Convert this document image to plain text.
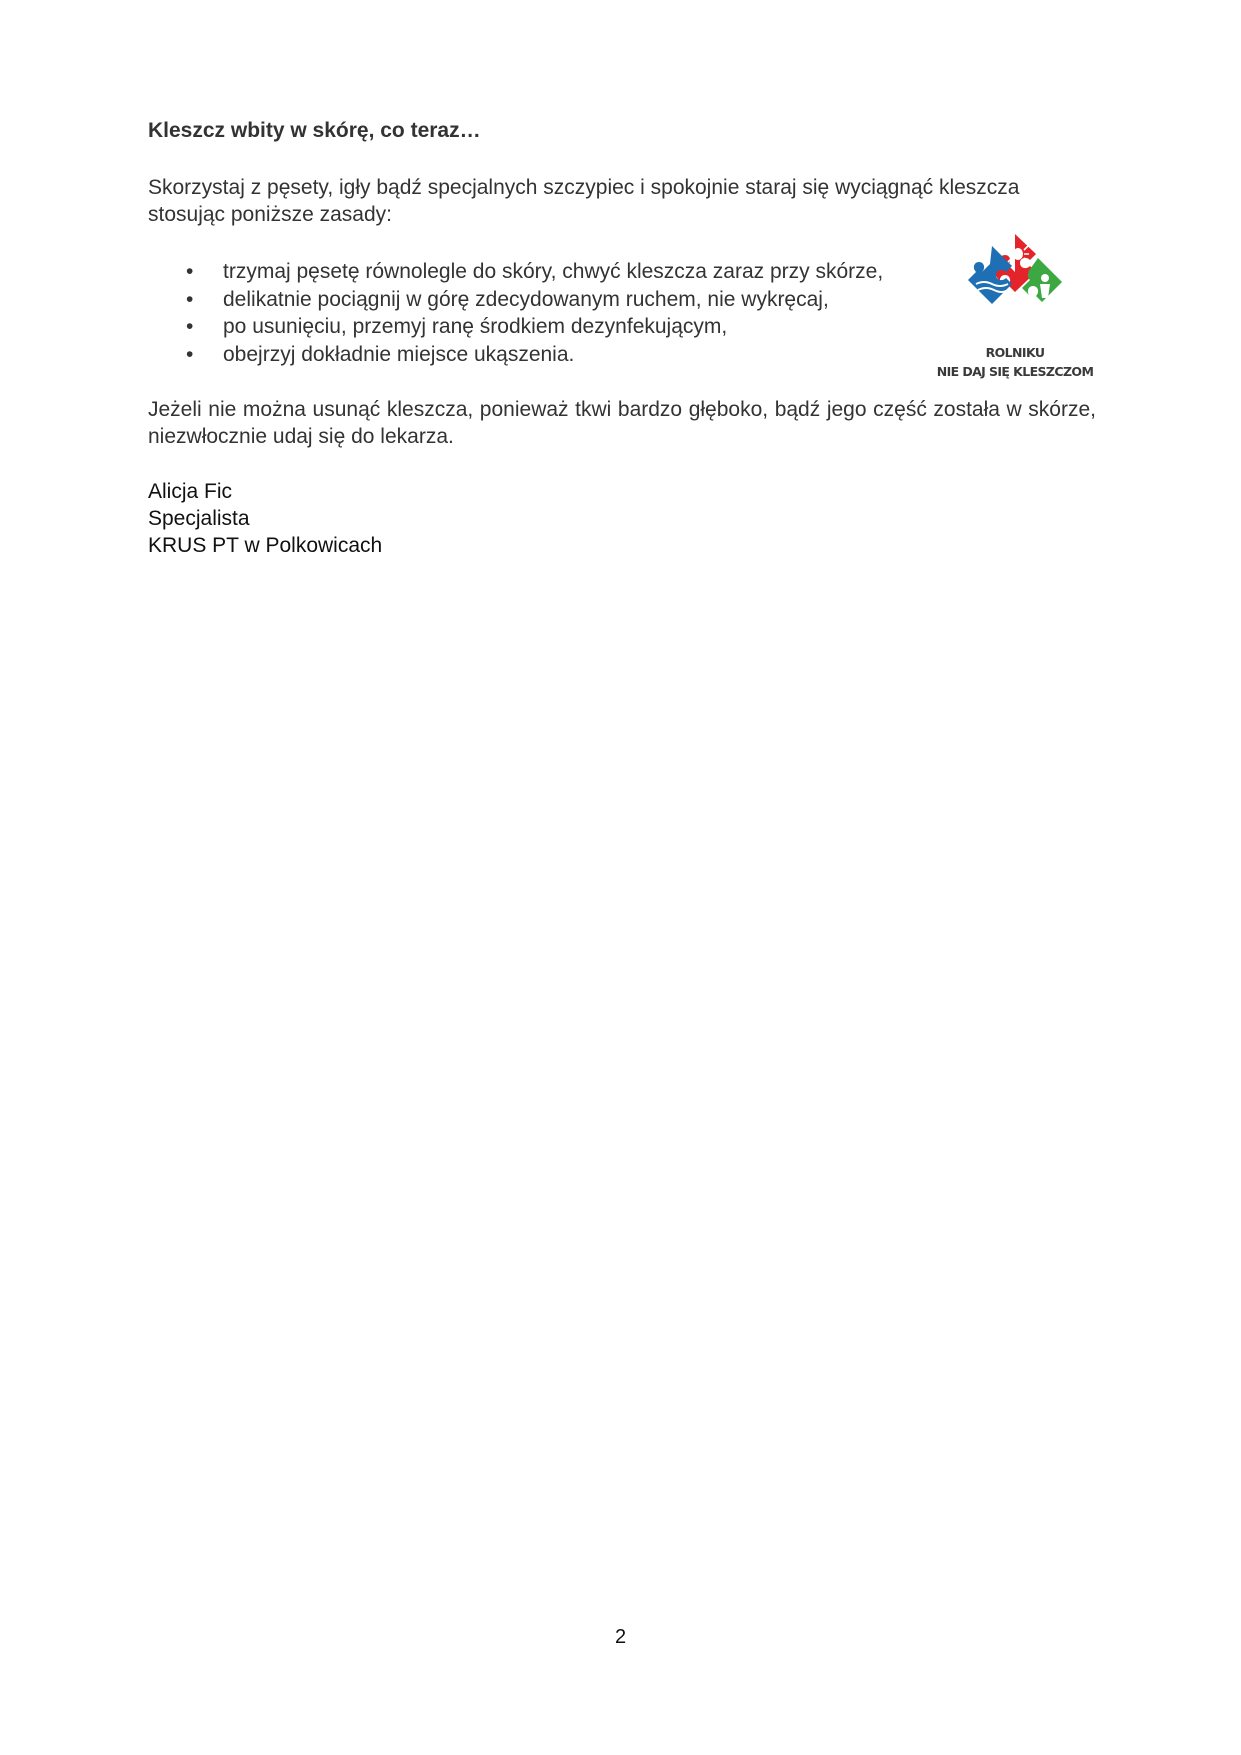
Kleszcz wbity w skórę, co teraz…

Skorzystaj z pęsety, igły bądź specjalnych szczypiec i spokojnie staraj się wyciągnąć kleszcza stosując poniższe zasady:

• trzymaj pęsetę równolegle do skóry, chwyć kleszcza zaraz przy skórze,
• delikatnie pociągnij w górę zdecydowanym ruchem, nie wykręcaj,
• po usunięciu, przemyj ranę środkiem dezynfekującym,
• obejrzyj dokładnie miejsce ukąszenia.	ROLNIKU
NIE DAJ SIĘ KLESZCZOM

Jeżeli nie można usunąć kleszcza, ponieważ tkwi bardzo głęboko, bądź jego część została w skórze, niezwłocznie udaj się do lekarza.

Alicja Fic
Specjalista
KRUS PT w Polkowicach
2
